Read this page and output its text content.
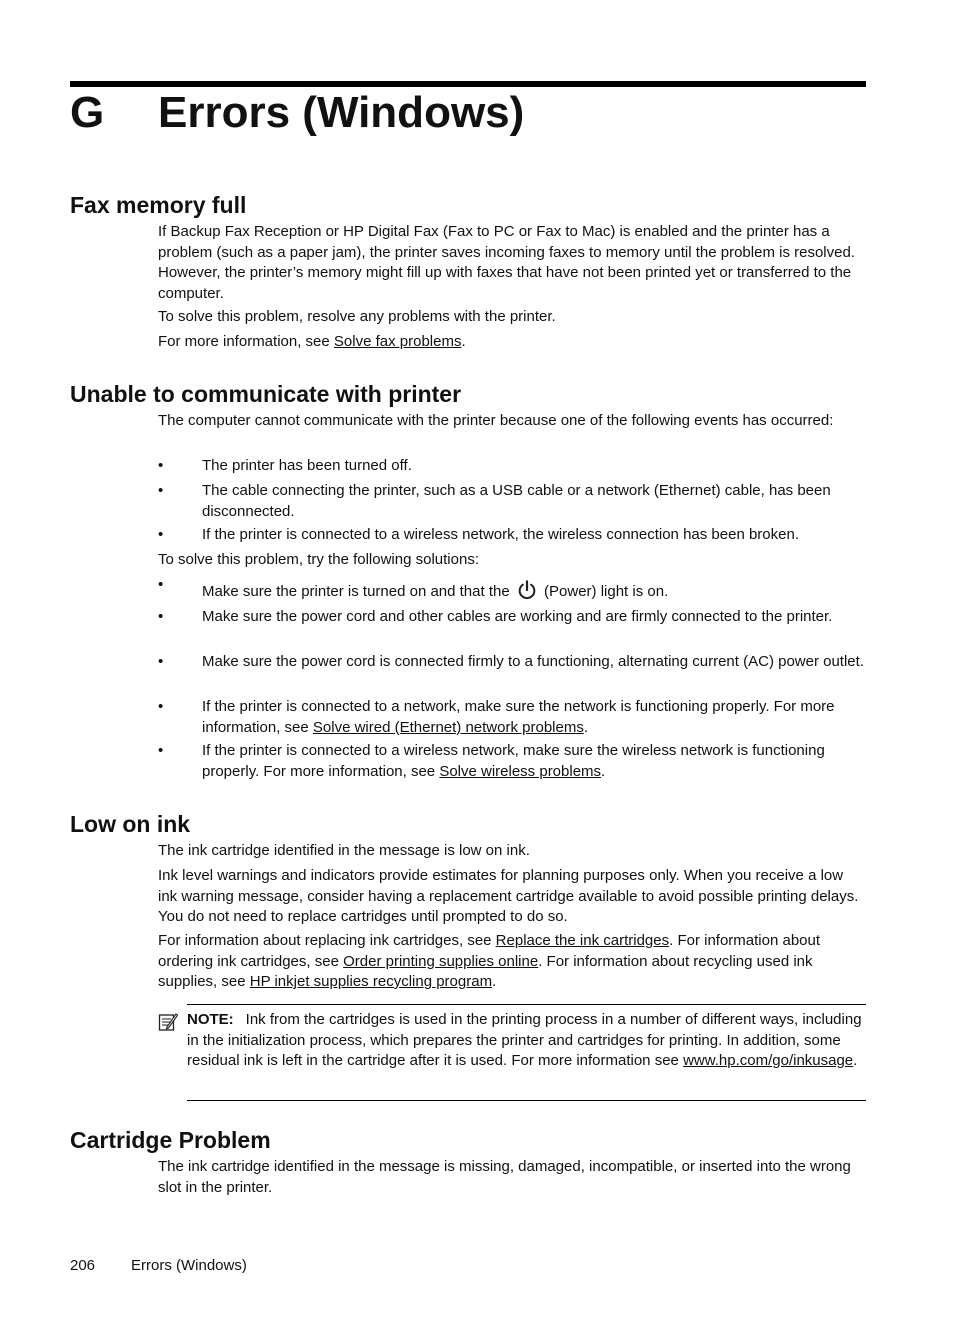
G Errors (Windows)
Fax memory full

If Backup Fax Reception or HP Digital Fax (Fax to PC or Fax to Mac) is enabled and the printer has a problem (such as a paper jam), the printer saves incoming faxes to memory until the problem is resolved. However, the printer’s memory might fill up with faxes that have not been printed yet or transferred to the computer.

To solve this problem, resolve any problems with the printer.

For more information, see Solve fax problems.

Unable to communicate with printer

The computer cannot communicate with the printer because one of the following events has occurred:

•	The printer has been turned off.

•	The cable connecting the printer, such as a USB cable or a network (Ethernet) cable, has been disconnected.

•	If the printer is connected to a wireless network, the wireless connection has been broken.

To solve this problem, try the following solutions:

•	Make sure the printer is turned on and that the  (Power) light is on.

•	Make sure the power cord and other cables are working and are firmly connected to the printer.

•	Make sure the power cord is connected firmly to a functioning, alternating current (AC) power outlet.

•	If the printer is connected to a network, make sure the network is functioning properly. For more information, see Solve wired (Ethernet) network problems.

•	If the printer is connected to a wireless network, make sure the wireless network is functioning properly. For more information, see Solve wireless problems.

Low on ink

The ink cartridge identified in the message is low on ink.

Ink level warnings and indicators provide estimates for planning purposes only. When you receive a low ink warning message, consider having a replacement cartridge available to avoid possible printing delays. You do not need to replace cartridges until prompted to do so.

For information about replacing ink cartridges, see Replace the ink cartridges. For information about ordering ink cartridges, see Order printing supplies online. For information about recycling used ink supplies, see HP inkjet supplies recycling program.

NOTE: Ink from the cartridges is used in the printing process in a number of different ways, including in the initialization process, which prepares the printer and cartridges for printing. In addition, some residual ink is left in the cartridge after it is used. For more information see www.hp.com/go/inkusage.

Cartridge Problem

The ink cartridge identified in the message is missing, damaged, incompatible, or inserted into the wrong slot in the printer.

206 Errors (Windows)
